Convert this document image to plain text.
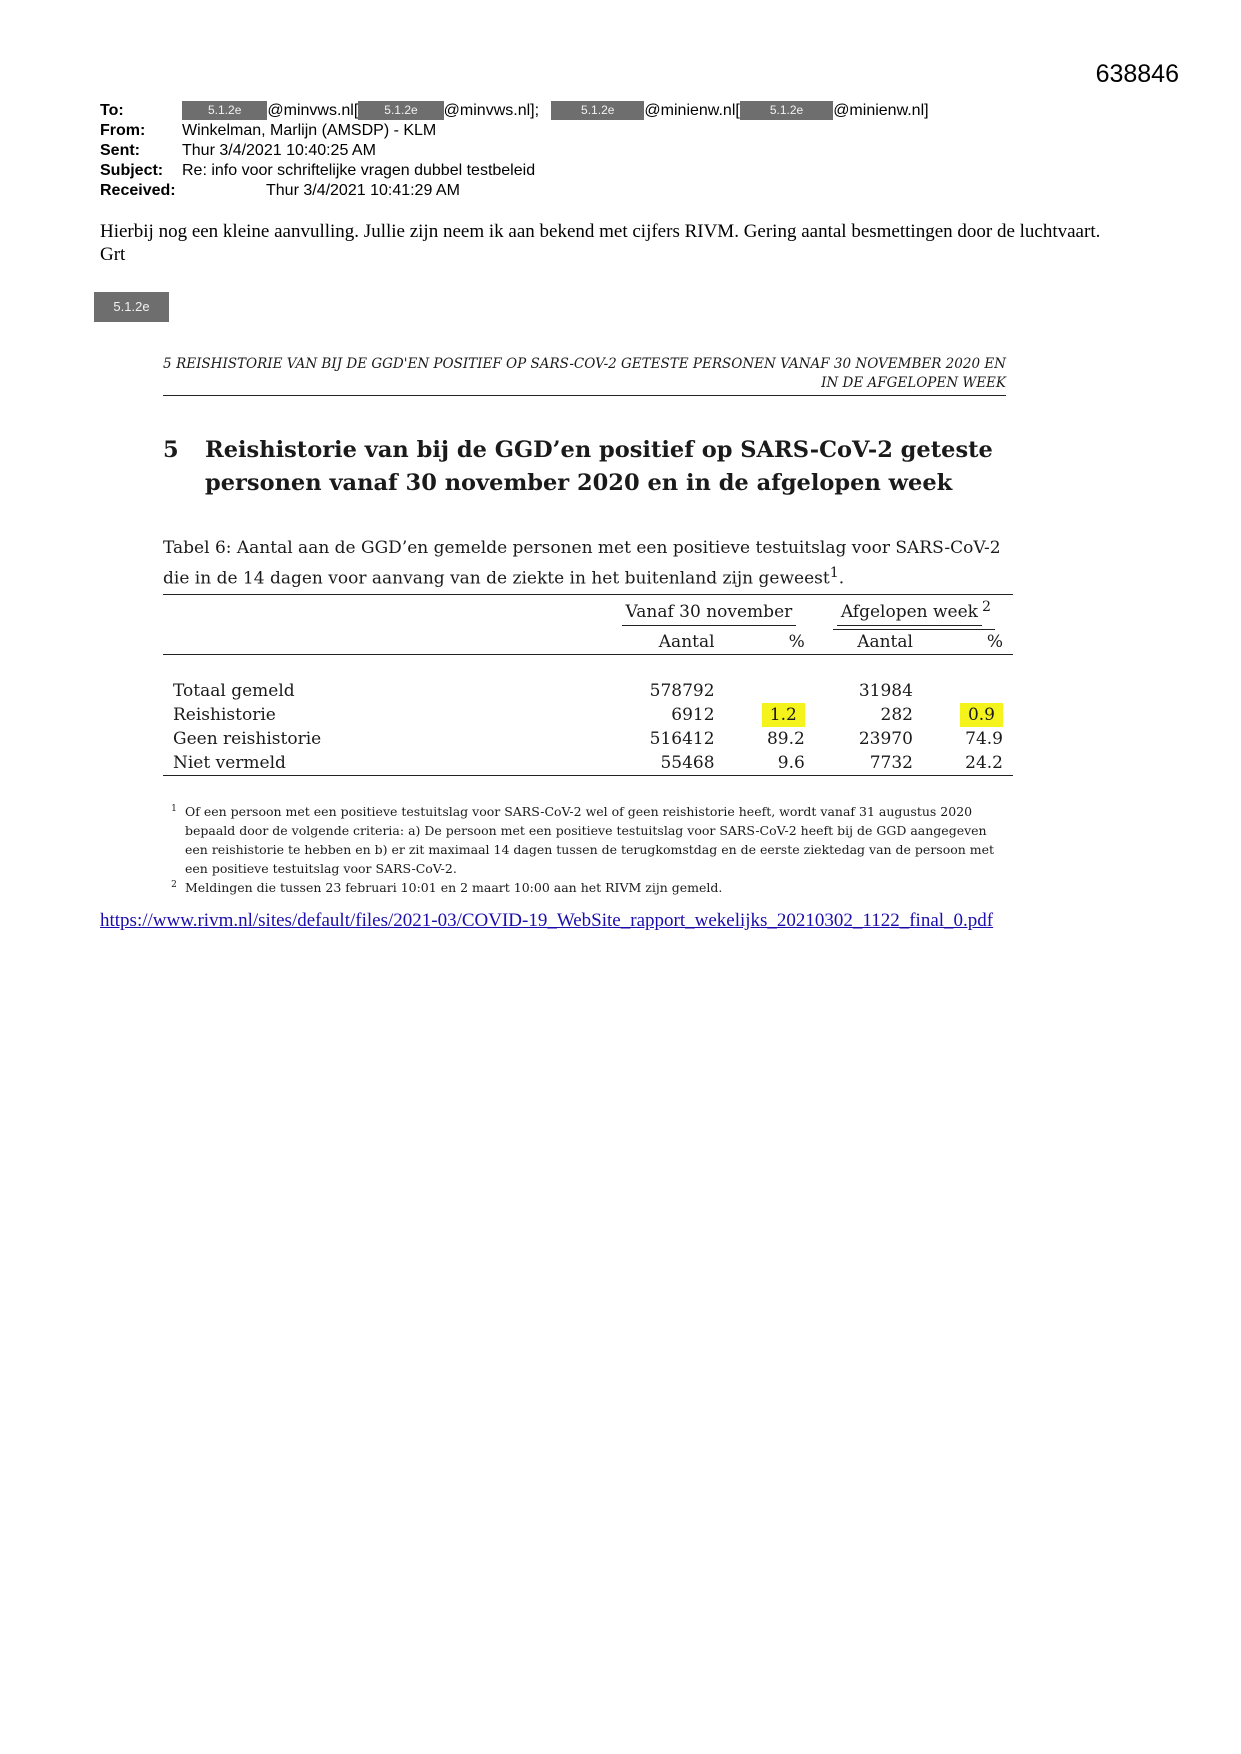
638846
To:	5.1.2e	@minvws.nl[	5.1.2e	@minvws.nl];	5.1.2e	@minienw.nl[	5.1.2e	@minienw.nl]
From:	Winkelman, Marlijn (AMSDP) - KLM
Sent:	Thur 3/4/2021 10:40:25 AM
Subject:	Re: info voor schriftelijke vragen dubbel testbeleid
Received:	Thur 3/4/2021 10:41:29 AM

Hierbij nog een kleine aanvulling. Jullie zijn neem ik aan bekend met cijfers RIVM. Gering aantal besmettingen door de luchtvaart.

Grt

5.1.2e
5 REISHISTORIE VAN BIJ DE GGD'EN POSITIEF OP SARS-COV-2 GETESTE PERSONEN VANAF 30 NOVEMBER 2020 EN IN DE AFGELOPEN WEEK
5	Reishistorie van bij de GGD’en positief op SARS-CoV-2 geteste personen vanaf 30 november 2020 en in de afgelopen week
Tabel 6: Aantal aan de GGD’en gemelde personen met een positieve testuitslag voor SARS-CoV-2 die in de 14 dagen voor aanvang van de ziekte in het buitenland zijn geweest$^1$.

	Vanaf 30 november		Afgelopen week $^2$
	Aantal	%	Aantal	%

Totaal gemeld	578792		31984	
Reishistorie	6912	1.2	282	0.9
Geen reishistorie	516412	89.2	23970	74.9
Niet vermeld	55468	9.6	7732	24.2

1 Of een persoon met een positieve testuitslag voor SARS-CoV-2 wel of geen reishistorie heeft, wordt vanaf 31 augustus 2020 bepaald door de volgende criteria: a) De persoon met een positieve testuitslag voor SARS-CoV-2 heeft bij de GGD aangegeven een reishistorie te hebben en b) er zit maximaal 14 dagen tussen de terugkomstdag en de eerste ziektedag van de persoon met een positieve testuitslag voor SARS-CoV-2.
2 Meldingen die tussen 23 februari 10:01 en 2 maart 10:00 aan het RIVM zijn gemeld.
https://www.rivm.nl/sites/default/files/2021-03/COVID-19_WebSite_rapport_wekelijks_20210302_1122_final_0.pdf
